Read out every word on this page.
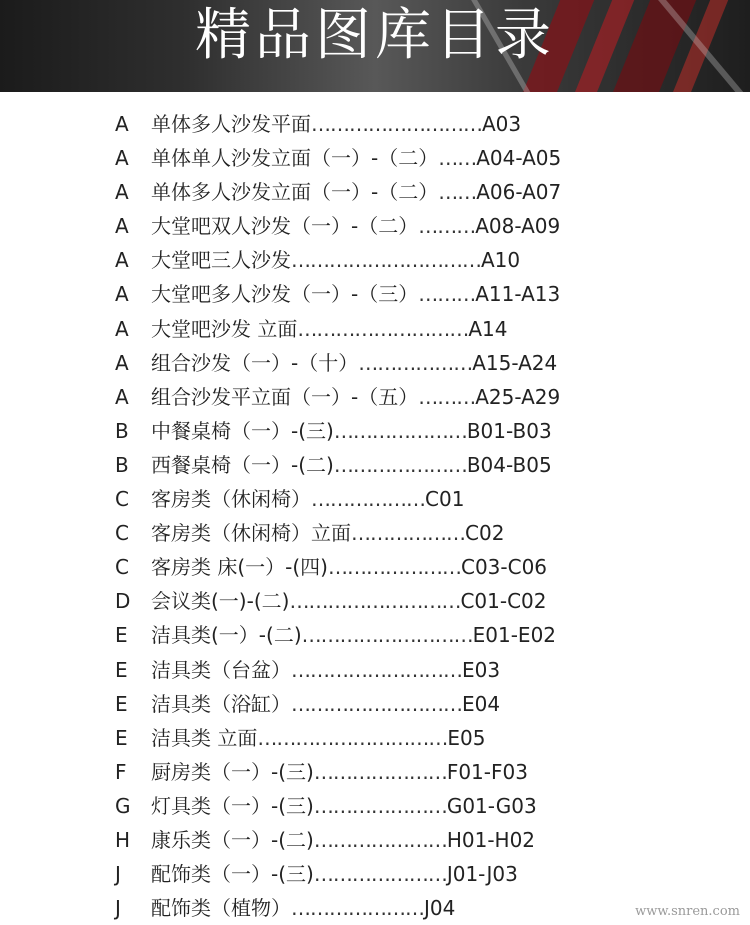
精品图库目录
A 单体多人沙发平面………………………A03
A 单体单人沙发立面（一）-（二）……A04-A05
A 单体多人沙发立面（一）-（二）……A06-A07
A 大堂吧双人沙发（一）-（二）………A08-A09
A 大堂吧三人沙发…………………………A10
A 大堂吧多人沙发（一）-（三）………A11-A13
A 大堂吧沙发 立面………………………A14
A 组合沙发（一）-（十）………………A15-A24
A 组合沙发平立面（一）-（五）………A25-A29
B 中餐桌椅（一）-(三)…………………B01-B03
B 西餐桌椅（一）-(二)…………………B04-B05
C 客房类（休闲椅）………………C01
C 客房类（休闲椅）立面………………C02
C 客房类 床(一）-(四)…………………C03-C06
D 会议类(一)-(二)………………………C01-C02
E 洁具类(一）-(二)………………………E01-E02
E 洁具类（台盆）………………………E03
E 洁具类（浴缸）………………………E04
E 洁具类 立面…………………………E05
F 厨房类（一）-(三)…………………F01-F03
G 灯具类（一）-(三)…………………G01-G03
H 康乐类（一）-(二)…………………H01-H02
J 配饰类（一）-(三)…………………J01-J03
J 配饰类（植物）…………………J04	www.snren.com
